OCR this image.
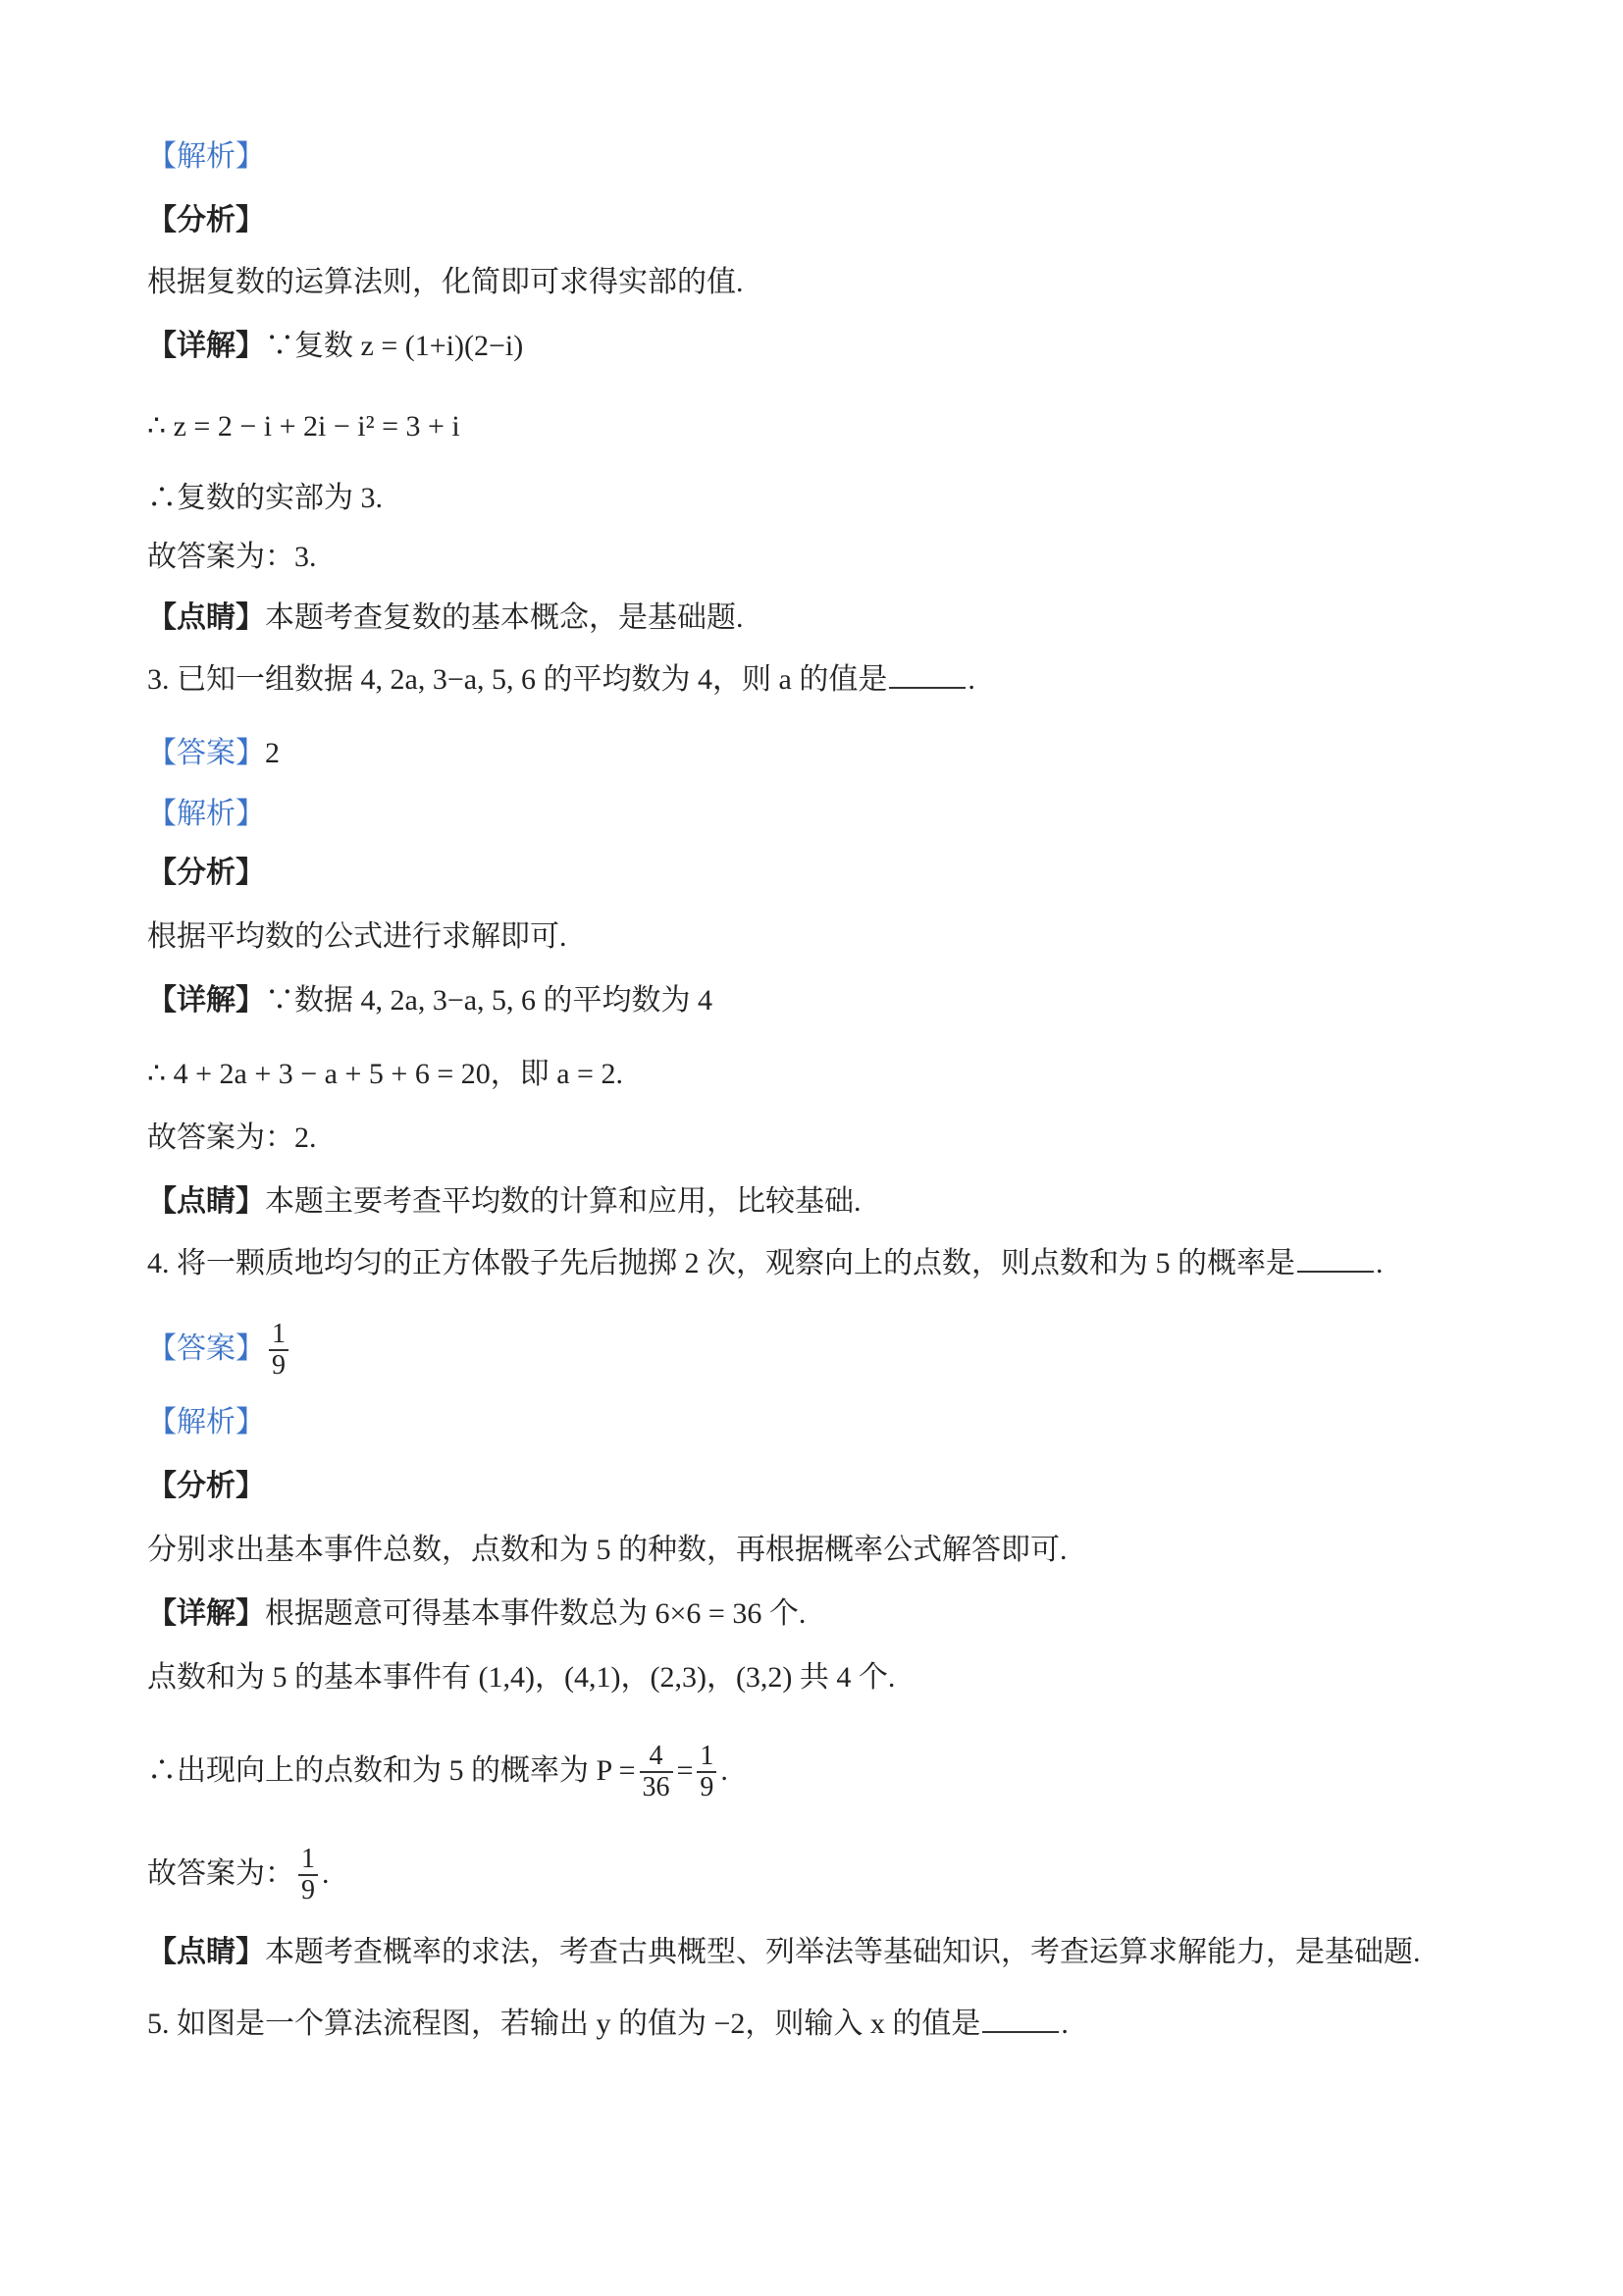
【解析】
【分析】
根据复数的运算法则，化简即可求得实部的值.
【详解】∵复数 z = (1+i)(2−i)
∴ z = 2 − i + 2i − i² = 3 + i
∴复数的实部为 3.
故答案为：3.
【点睛】本题考查复数的基本概念，是基础题.
3. 已知一组数据 4, 2a, 3−a, 5, 6 的平均数为 4，则 a 的值是	.
【答案】2
【解析】
【分析】
根据平均数的公式进行求解即可.
【详解】∵数据 4, 2a, 3−a, 5, 6 的平均数为 4
∴ 4 + 2a + 3 − a + 5 + 6 = 20，即 a = 2.
故答案为：2.
【点睛】本题主要考查平均数的计算和应用，比较基础.
4. 将一颗质地均匀的正方体骰子先后抛掷 2 次，观察向上的点数，则点数和为 5 的概率是	.
【答案】 $\frac{1}{9}$
【解析】
【分析】
分别求出基本事件总数，点数和为 5 的种数，再根据概率公式解答即可.
【详解】根据题意可得基本事件数总为 6×6 = 36 个.
点数和为 5 的基本事件有 (1,4)，(4,1)，(2,3)，(3,2) 共 4 个.
∴出现向上的点数和为 5 的概率为 $P = \frac{4}{36} = \frac{1}{9}$ .
故答案为： $\frac{1}{9}$ .
【点睛】本题考查概率的求法，考查古典概型、列举法等基础知识，考查运算求解能力，是基础题.
5. 如图是一个算法流程图，若输出 y 的值为 −2，则输入 x 的值是	.
